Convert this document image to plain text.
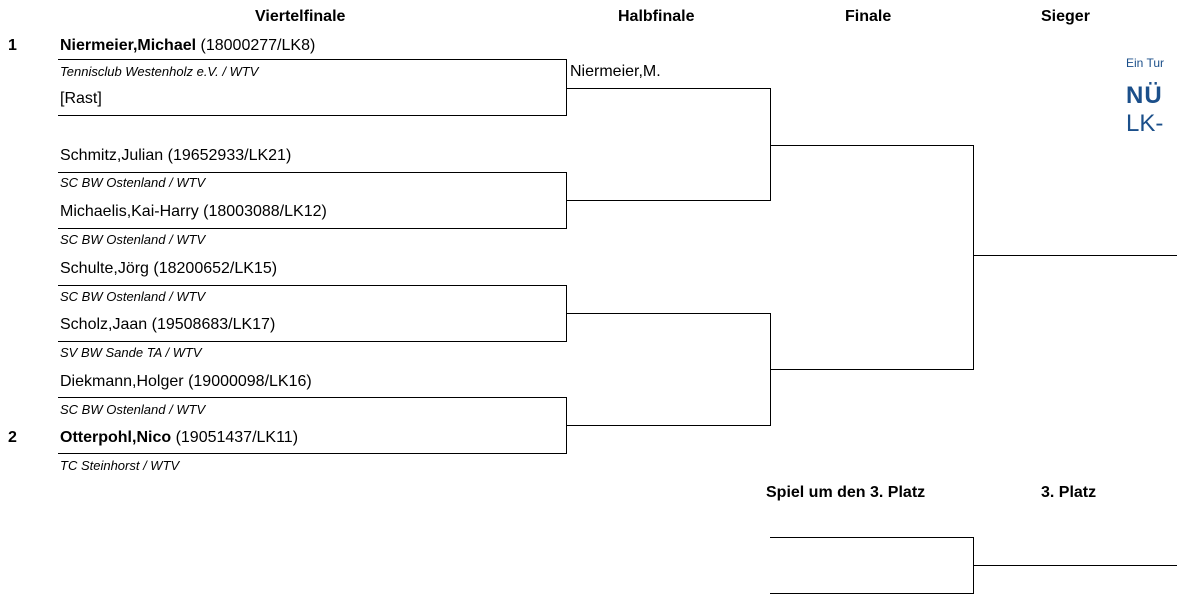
Viertelfinale	Halbfinale	Finale	Sieger
Ein Tur
NÜ
LK-
1
2
Niermeier,Michael (18000277/LK8)
Tennisclub Westenholz e.V. / WTV
[Rast]
Schmitz,Julian (19652933/LK21)
SC BW Ostenland / WTV
Michaelis,Kai-Harry (18003088/LK12)
SC BW Ostenland / WTV
Schulte,Jörg (18200652/LK15)
SC BW Ostenland / WTV
Scholz,Jaan (19508683/LK17)
SV BW Sande TA / WTV
Diekmann,Holger (19000098/LK16)
SC BW Ostenland / WTV
Otterpohl,Nico (19051437/LK11)
TC Steinhorst / WTV
Niermeier,M.
Spiel um den 3. Platz	3. Platz
